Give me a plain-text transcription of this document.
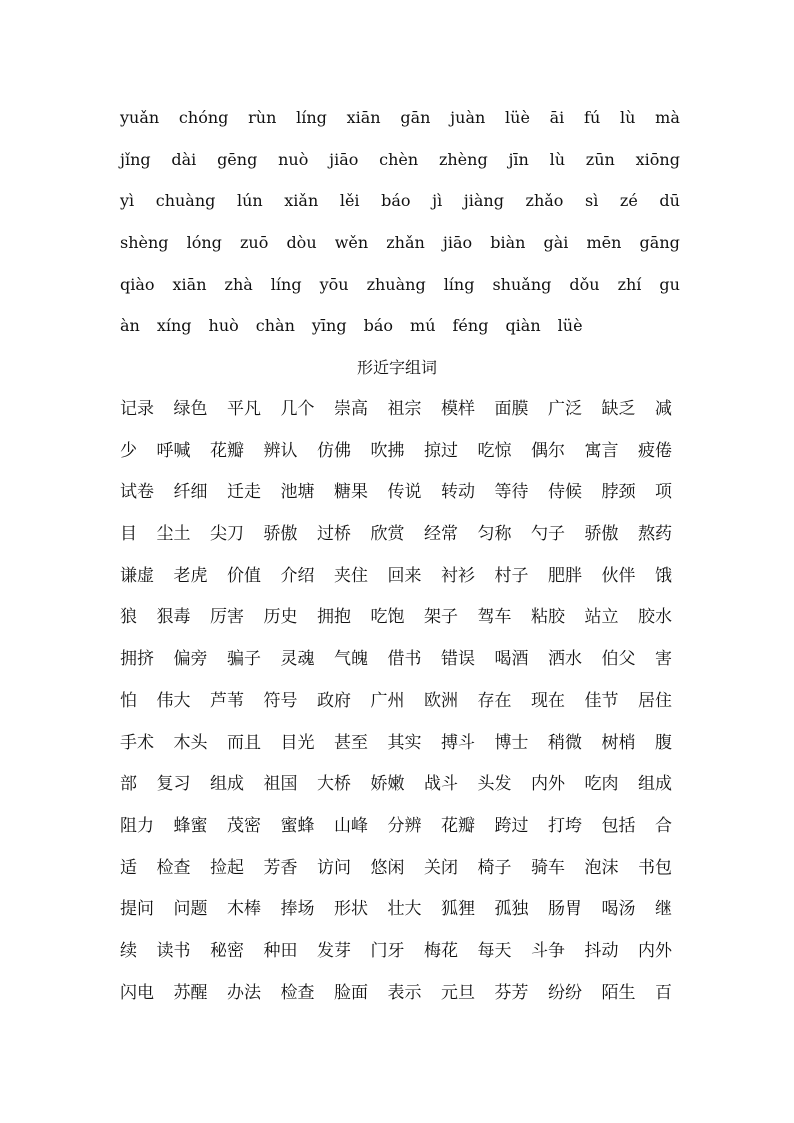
yuǎn chóng rùn líng xiān gān juàn lüè āi fú lù mà
jǐng dài gēng nuò jiāo chèn zhèng jīn lù zūn xiōng
yì chuàng lún xiǎn lěi báo jì jiàng zhǎo sì zé dū
shèng lóng zuō dòu wěn zhǎn jiāo biàn gài mēn gāng
qiào xiān zhà líng yōu zhuàng líng shuǎng dǒu zhí gu
àn xíng huò chàn yīng báo mú féng qiàn lüè
形近字组词
记录 绿色 平凡 几个 崇高 祖宗 模样 面膜 广泛 缺乏 减
少 呼喊 花瓣 辨认 仿佛 吹拂 掠过 吃惊 偶尔 寓言 疲倦
试卷 纤细 迁走 池塘 糖果 传说 转动 等待 侍候 脖颈 项
目 尘土 尖刀 骄傲 过桥 欣赏 经常 匀称 勺子 骄傲 熬药
谦虚 老虎 价值 介绍 夹住 回来 衬衫 村子 肥胖 伙伴 饿
狼 狠毒 厉害 历史 拥抱 吃饱 架子 驾车 粘胶 站立 胶水
拥挤 偏旁 骗子 灵魂 气魄 借书 错误 喝酒 洒水 伯父 害
怕 伟大 芦苇 符号 政府 广州 欧洲 存在 现在 佳节 居住
手术 木头 而且 目光 甚至 其实 搏斗 博士 稍微 树梢 腹
部 复习 组成 祖国 大桥 娇嫩 战斗 头发 内外 吃肉 组成
阻力 蜂蜜 茂密 蜜蜂 山峰 分辨 花瓣 跨过 打垮 包括 合
适 检查 捡起 芳香 访问 悠闲 关闭 椅子 骑车 泡沫 书包
提问 问题 木棒 捧场 形状 壮大 狐狸 孤独 肠胃 喝汤 继
续 读书 秘密 种田 发芽 门牙 梅花 每天 斗争 抖动 内外
闪电 苏醒 办法 检查 脸面 表示 元旦 芬芳 纷纷 陌生 百
